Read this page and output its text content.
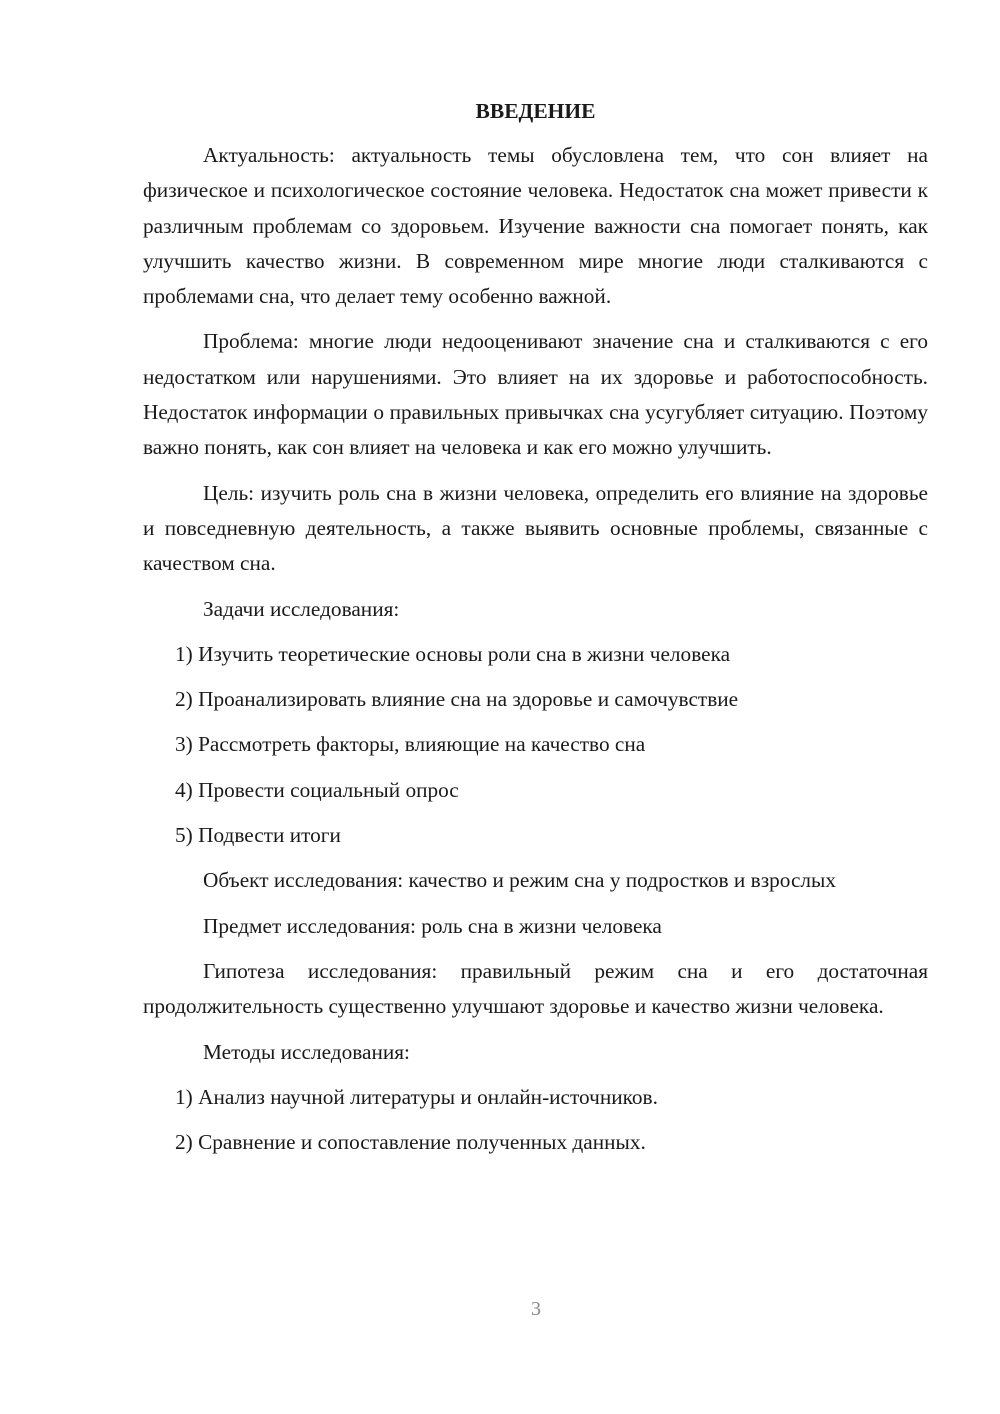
ВВЕДЕНИЕ
Актуальность: актуальность темы обусловлена тем, что сон влияет на физическое и психологическое состояние человека. Недостаток сна может привести к различным проблемам со здоровьем. Изучение важности сна помогает понять, как улучшить качество жизни. В современном мире многие люди сталкиваются с проблемами сна, что делает тему особенно важной.
Проблема: многие люди недооценивают значение сна и сталкиваются с его недостатком или нарушениями. Это влияет на их здоровье и работоспособность. Недостаток информации о правильных привычках сна усугубляет ситуацию. Поэтому важно понять, как сон влияет на человека и как его можно улучшить.
Цель: изучить роль сна в жизни человека, определить его влияние на здоровье и повседневную деятельность, а также выявить основные проблемы, связанные с качеством сна.
Задачи исследования:
1) Изучить теоретические основы роли сна в жизни человека
2) Проанализировать влияние сна на здоровье и самочувствие
3) Рассмотреть факторы, влияющие на качество сна
4) Провести социальный опрос
5) Подвести итоги
Объект исследования: качество и режим сна у подростков и взрослых
Предмет исследования: роль сна в жизни человека
Гипотеза исследования: правильный режим сна и его достаточная продолжительность существенно улучшают здоровье и качество жизни человека.
Методы исследования:
1) Анализ научной литературы и онлайн-источников.
2) Сравнение и сопоставление полученных данных.
3
